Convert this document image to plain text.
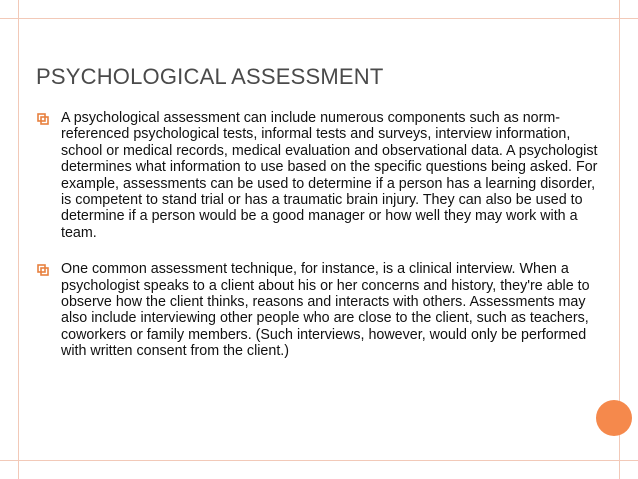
PSYCHOLOGICAL ASSESSMENT
A psychological assessment can include numerous components such as norm-referenced psychological tests, informal tests and surveys, interview information, school or medical records, medical evaluation and observational data. A psychologist determines what information to use based on the specific questions being asked. For example, assessments can be used to determine if a person has a learning disorder, is competent to stand trial or has a traumatic brain injury. They can also be used to determine if a person would be a good manager or how well they may work with a team.
One common assessment technique, for instance, is a clinical interview. When a psychologist speaks to a client about his or her concerns and history, they're able to observe how the client thinks, reasons and interacts with others. Assessments may also include interviewing other people who are close to the client, such as teachers, coworkers or family members. (Such interviews, however, would only be performed with written consent from the client.)
